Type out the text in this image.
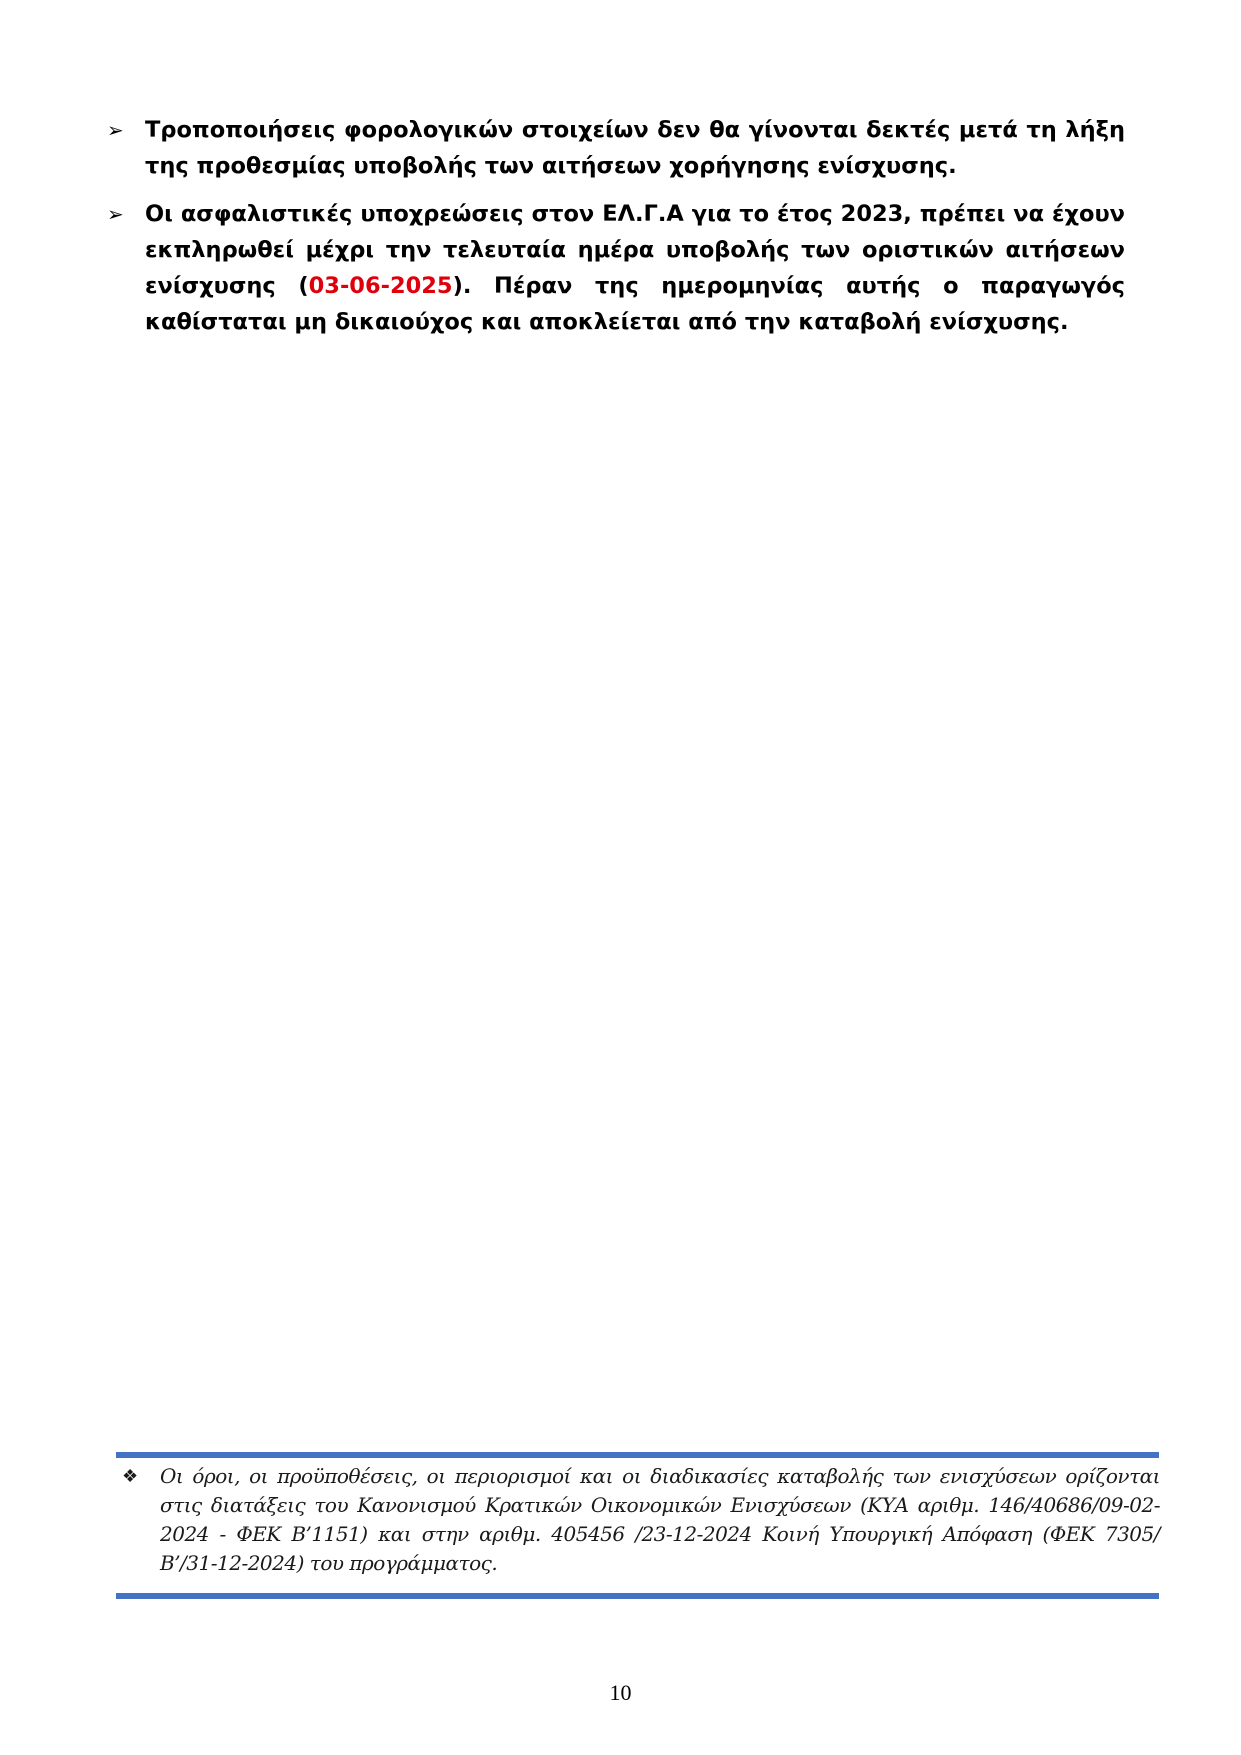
➢ Τροποποιήσεις φορολογικών στοιχείων δεν θα γίνονται δεκτές μετά τη λήξη της προθεσμίας υποβολής των αιτήσεων χορήγησης ενίσχυσης.
➢ Οι ασφαλιστικές υποχρεώσεις στον ΕΛ.Γ.Α για το έτος 2023, πρέπει να έχουν εκπληρωθεί μέχρι την τελευταία ημέρα υποβολής των οριστικών αιτήσεων ενίσχυσης (03-06-2025). Πέραν της ημερομηνίας αυτής ο παραγωγός καθίσταται μη δικαιούχος και αποκλείεται από την καταβολή ενίσχυσης.
❖	Οι όροι, οι προϋποθέσεις, οι περιορισμοί και οι διαδικασίες καταβολής των ενισχύσεων ορίζονται στις διατάξεις του Κανονισμού Κρατικών Οικονομικών Ενισχύσεων (ΚΥΑ αριθμ. 146/40686/09-02-2024 - ΦΕΚ Β’1151) και στην αριθμ. 405456 /23-12-2024 Κοινή Υπουργική Απόφαση (ΦΕΚ 7305/ Β’/31-12-2024) του προγράμματος.
10
